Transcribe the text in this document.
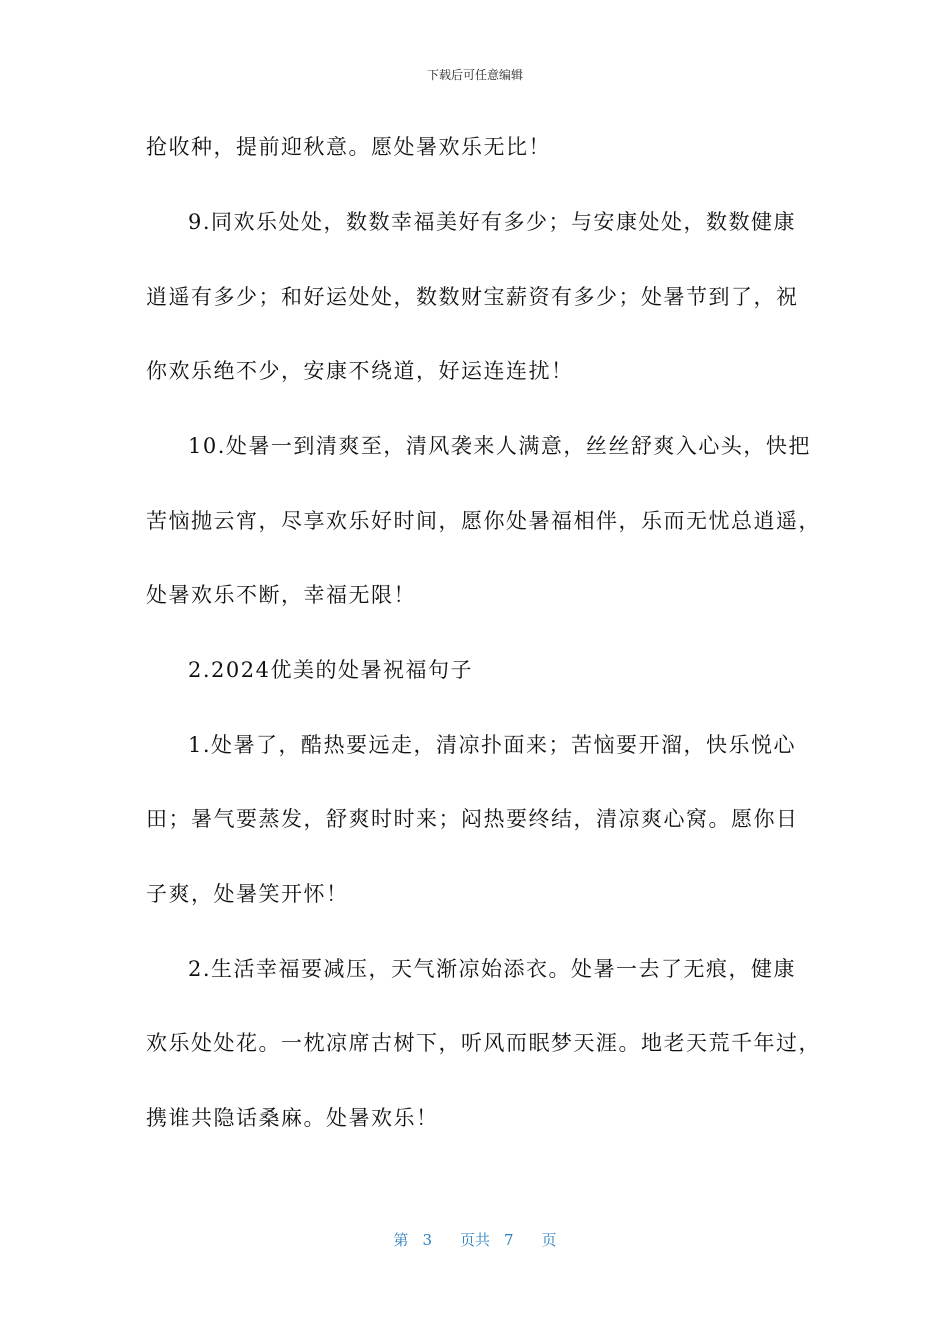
下载后可任意编辑
抢收种，提前迎秋意。愿处暑欢乐无比！
9.同欢乐处处，数数幸福美好有多少；与安康处处，数数健康
逍遥有多少；和好运处处，数数财宝薪资有多少；处暑节到了，祝
你欢乐绝不少，安康不绕道，好运连连扰！
10.处暑一到清爽至，清风袭来人满意，丝丝舒爽入心头，快把
苦恼抛云宵，尽享欢乐好时间，愿你处暑福相伴，乐而无忧总逍遥，
处暑欢乐不断，幸福无限！
2.2024优美的处暑祝福句子
1.处暑了，酷热要远走，清凉扑面来；苦恼要开溜，快乐悦心
田；暑气要蒸发，舒爽时时来；闷热要终结，清凉爽心窝。愿你日
子爽，处暑笑开怀！
2.生活幸福要减压，天气渐凉始添衣。处暑一去了无痕，健康
欢乐处处花。一枕凉席古树下，听风而眠梦天涯。地老天荒千年过，
携谁共隐话桑麻。处暑欢乐！
第 3 页共 7 页
